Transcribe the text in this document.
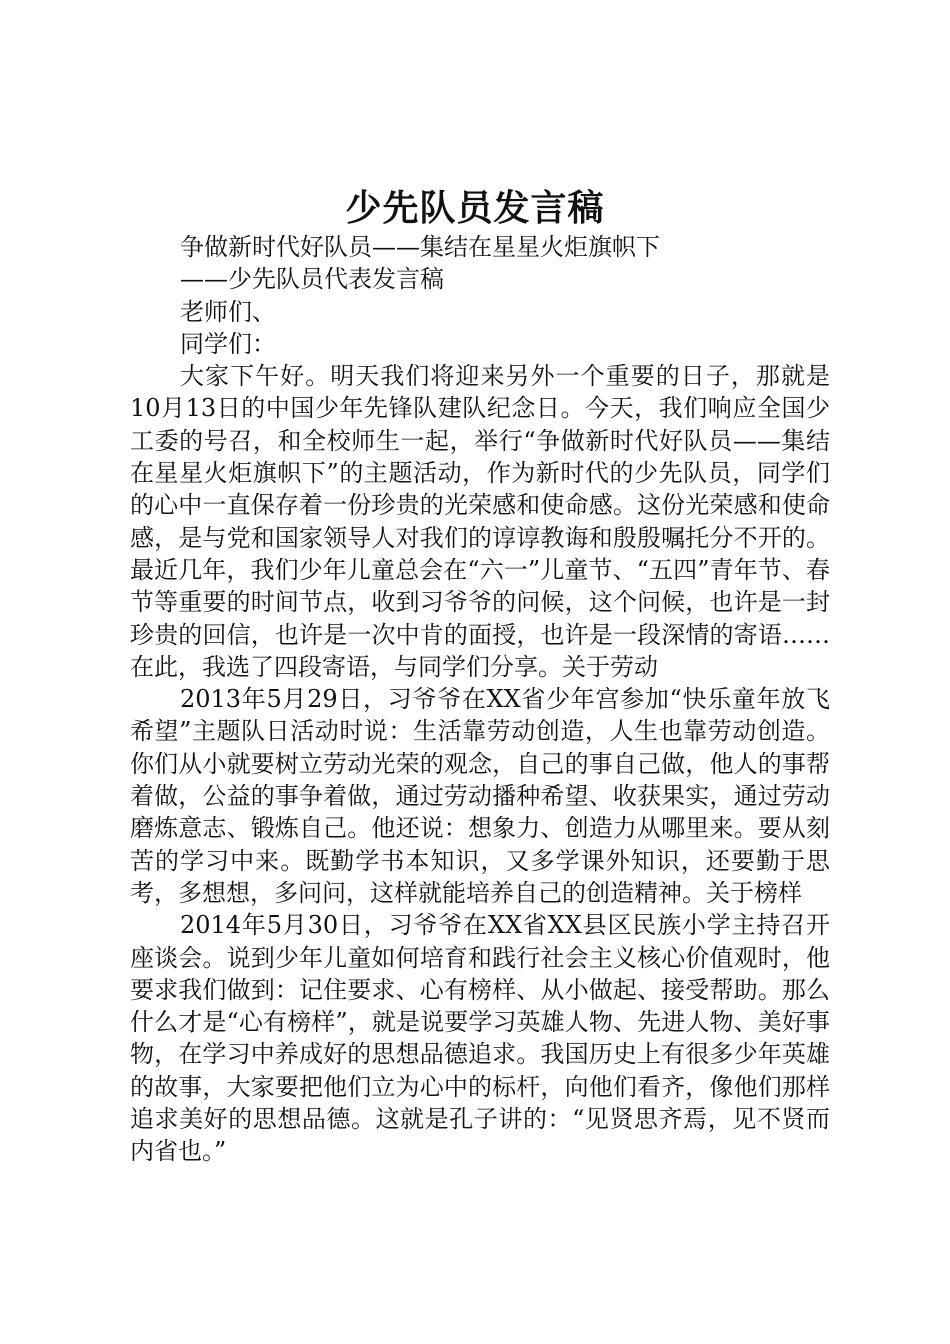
少先队员发言稿

争做新时代好队员——集结在星星火炬旗帜下

——少先队员代表发言稿

老师们、

同学们：

大家下午好。明天我们将迎来另外一个重要的日子，那就是10月13日的中国少年先锋队建队纪念日。今天，我们响应全国少工委的号召，和全校师生一起，举行“争做新时代好队员——集结在星星火炬旗帜下”的主题活动，作为新时代的少先队员，同学们的心中一直保存着一份珍贵的光荣感和使命感。这份光荣感和使命感，是与党和国家领导人对我们的谆谆教诲和殷殷嘱托分不开的。最近几年，我们少年儿童总会在“六一”儿童节、“五四”青年节、春节等重要的时间节点，收到习爷爷的问候，这个问候，也许是一封珍贵的回信，也许是一次中肯的面授，也许是一段深情的寄语……在此，我选了四段寄语，与同学们分享。关于劳动

2013年5月29日，习爷爷在XX省少年宫参加“快乐童年放飞希望”主题队日活动时说：生活靠劳动创造，人生也靠劳动创造。你们从小就要树立劳动光荣的观念，自己的事自己做，他人的事帮着做，公益的事争着做，通过劳动播种希望、收获果实，通过劳动磨炼意志、锻炼自己。他还说：想象力、创造力从哪里来。要从刻苦的学习中来。既勤学书本知识，又多学课外知识，还要勤于思考，多想想，多问问，这样就能培养自己的创造精神。关于榜样

2014年5月30日，习爷爷在XX省XX县区民族小学主持召开座谈会。说到少年儿童如何培育和践行社会主义核心价值观时，他要求我们做到：记住要求、心有榜样、从小做起、接受帮助。那么什么才是“心有榜样”，就是说要学习英雄人物、先进人物、美好事物，在学习中养成好的思想品德追求。我国历史上有很多少年英雄的故事，大家要把他们立为心中的标杆，向他们看齐，像他们那样追求美好的思想品德。这就是孔子讲的：“见贤思齐焉，见不贤而内省也。”
